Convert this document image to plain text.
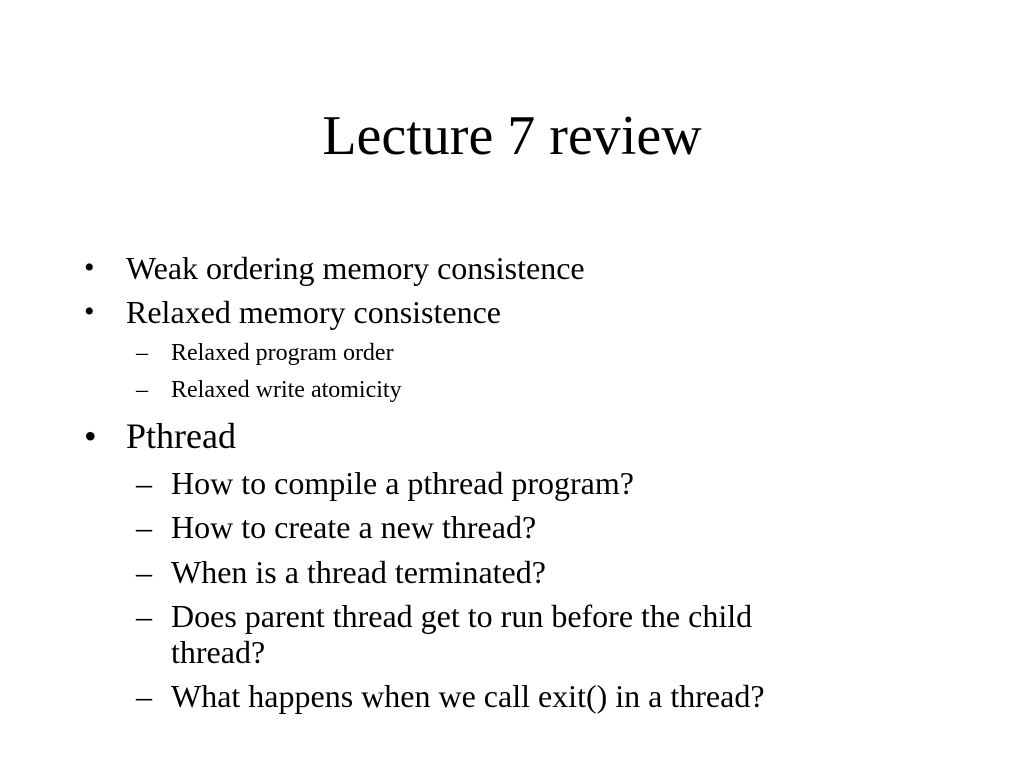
Lecture 7 review
• Weak ordering memory consistence
• Relaxed memory consistence
– Relaxed program order
– Relaxed write atomicity
• Pthread
– How to compile a pthread program?
– How to create a new thread?
– When is a thread terminated?
– Does parent thread get to run before the child
thread?
– What happens when we call exit() in a thread?
